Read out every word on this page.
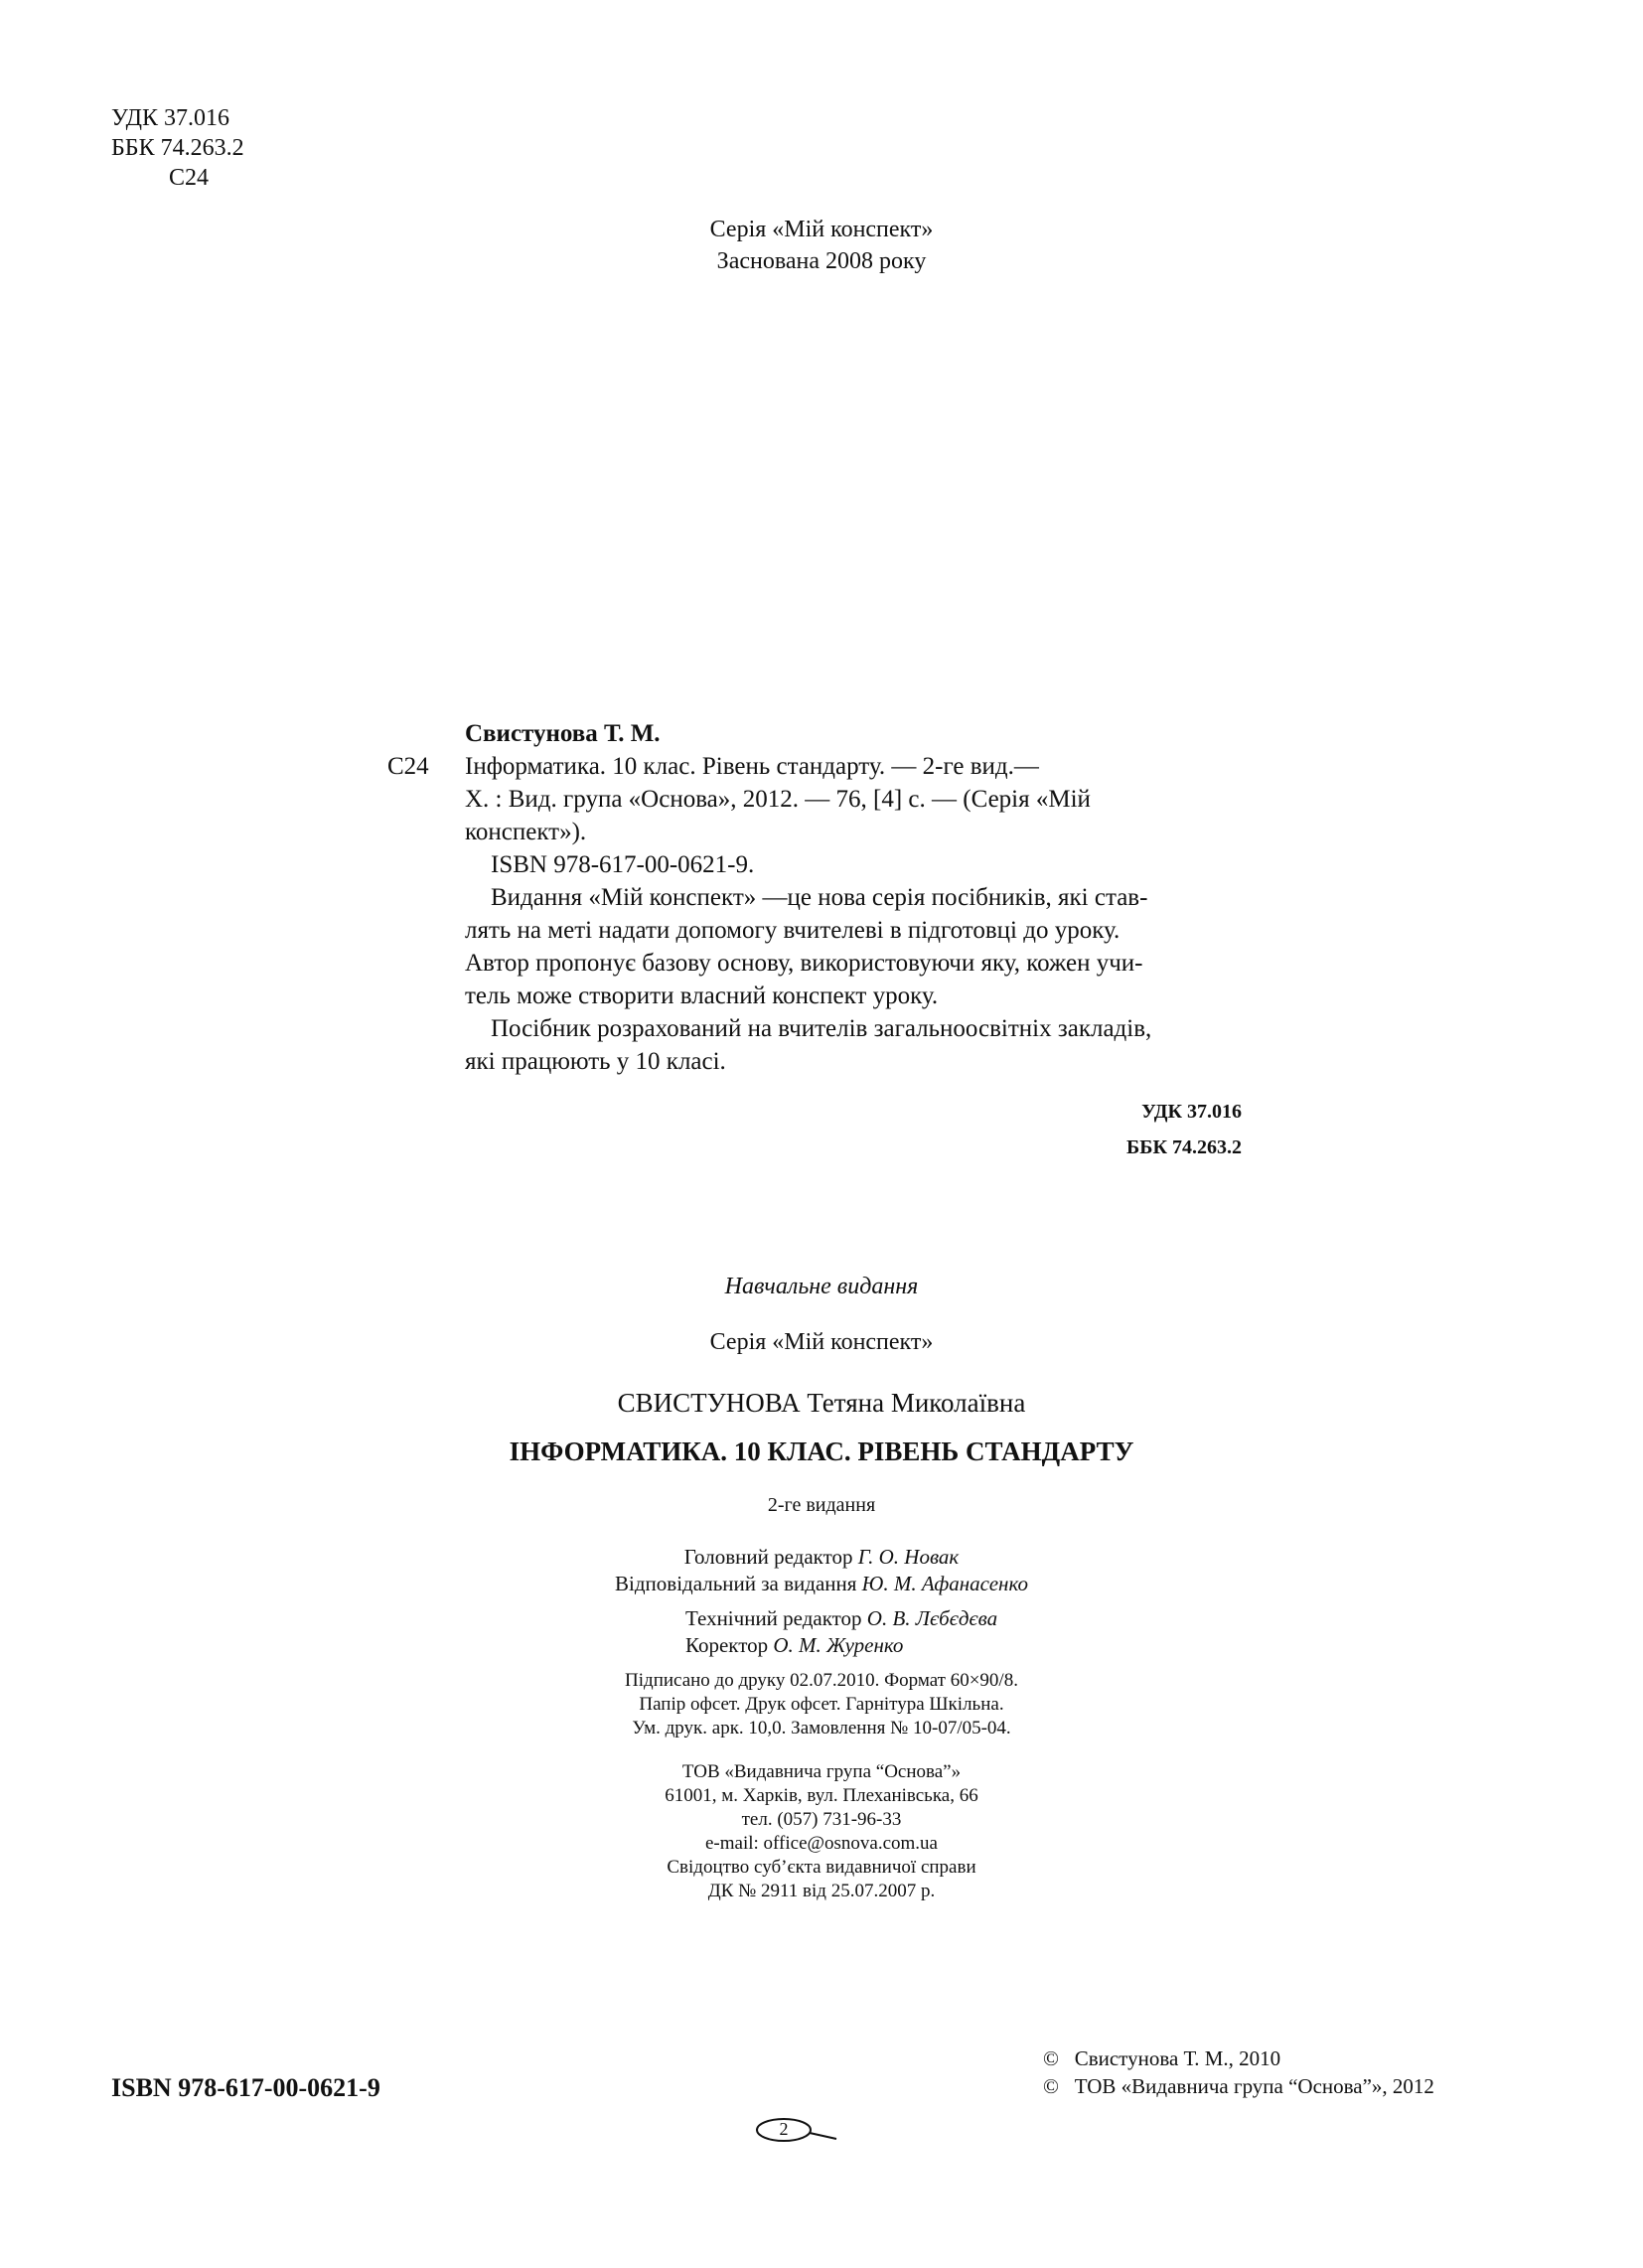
УДК 37.016
ББК 74.263.2
С24
Серія «Мій конспект»
Заснована 2008 року
Свистунова Т. М.
С24 Інформатика. 10 клас. Рівень стандарту. — 2-ге вид.—
Х. : Вид. група «Основа», 2012. — 76, [4] с. — (Серія «Мій
конспект»).
ISBN 978-617-00-0621-9.
Видання «Мій конспект» —це нова серія посібників, які став-
лять на меті надати допомогу вчителеві в підготовці до уроку.
Автор пропонує базову основу, використовуючи яку, кожен учи-
тель може створити власний конспект уроку.
Посібник розрахований на вчителів загальноосвітніх закладів,
які працюють у 10 класі.
УДК 37.016
ББК 74.263.2
Навчальне видання
Серія «Мій конспект»
СВИСТУНОВА Тетяна Миколаївна
ІНФОРМАТИКА. 10 КЛАС. РІВЕНЬ СТАНДАРТУ
2-ге видання
Головний редактор Г. О. Новак
Відповідальний за видання Ю. М. Афанасенко
Технічний редактор О. В. Лєбєдєва
Коректор О. М. Журенко
Підписано до друку 02.07.2010. Формат 60×90/8.
Папір офсет. Друк офсет. Гарнітура Шкільна.
Ум. друк. арк. 10,0. Замовлення № 10-07/05-04.
ТОВ «Видавнича група “Основа”»
61001, м. Харків, вул. Плеханівська, 66
тел. (057) 731-96-33
e-mail: office@osnova.com.ua
Свідоцтво суб’єкта видавничої справи
ДК № 2911 від 25.07.2007 р.
ISBN 978-617-00-0621-9
©   Свистунова Т. М., 2010
©   ТОВ «Видавнича група “Основа”», 2012
2
